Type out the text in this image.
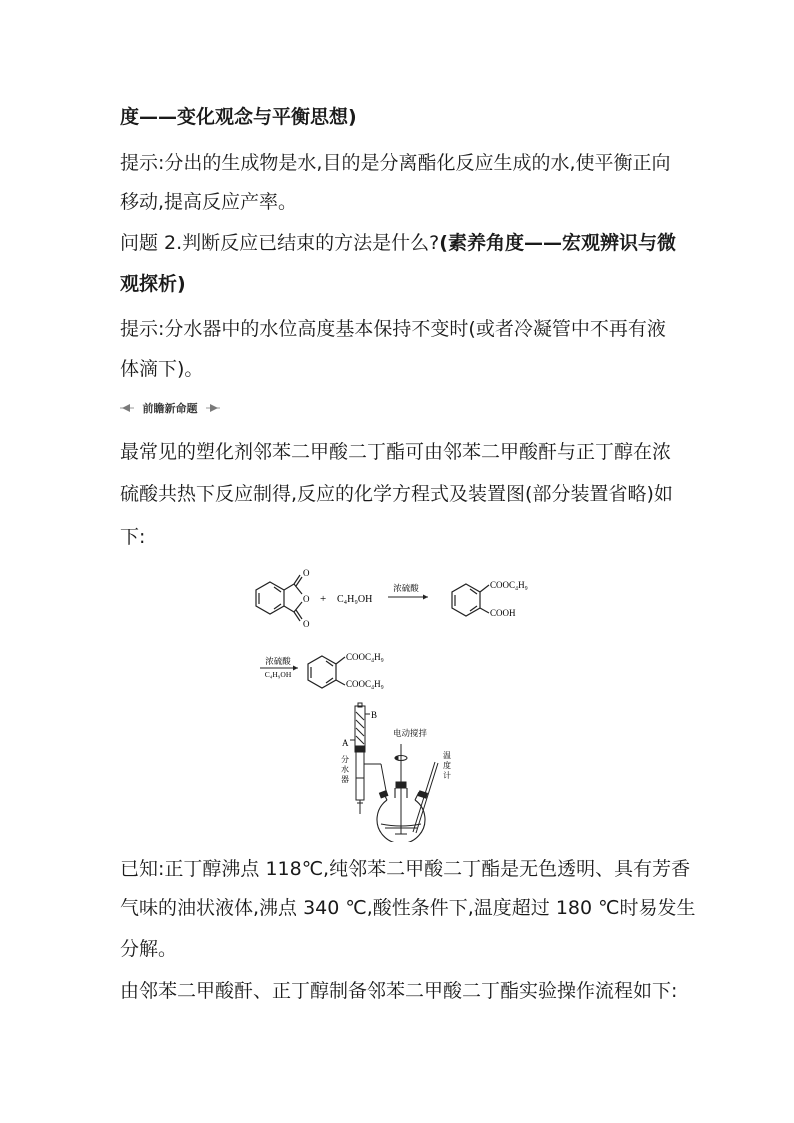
度——变化观念与平衡思想)
提示:分出的生成物是水,目的是分离酯化反应生成的水,使平衡正向
移动,提高反应产率。
问题 2.判断反应已结束的方法是什么?(素养角度——宏观辨识与微
观探析)
提示:分水器中的水位高度基本保持不变时(或者冷凝管中不再有液
体滴下)。
前瞻新命题
最常见的塑化剂邻苯二甲酸二丁酯可由邻苯二甲酸酐与正丁醇在浓
硫酸共热下反应制得,反应的化学方程式及装置图(部分装置省略)如
下:
O
O
O
+ C₄H₉OH
浓硫酸	COOC₄H₉
COOH
浓硫酸
C₄H₉OH
COOC₄H₉
COOC₄H₉
B
A
分
水
器
电动搅拌
温
度
计
已知:正丁醇沸点 118℃,纯邻苯二甲酸二丁酯是无色透明、具有芳香
气味的油状液体,沸点 340 ℃,酸性条件下,温度超过 180 ℃时易发生
分解。
由邻苯二甲酸酐、正丁醇制备邻苯二甲酸二丁酯实验操作流程如下:
